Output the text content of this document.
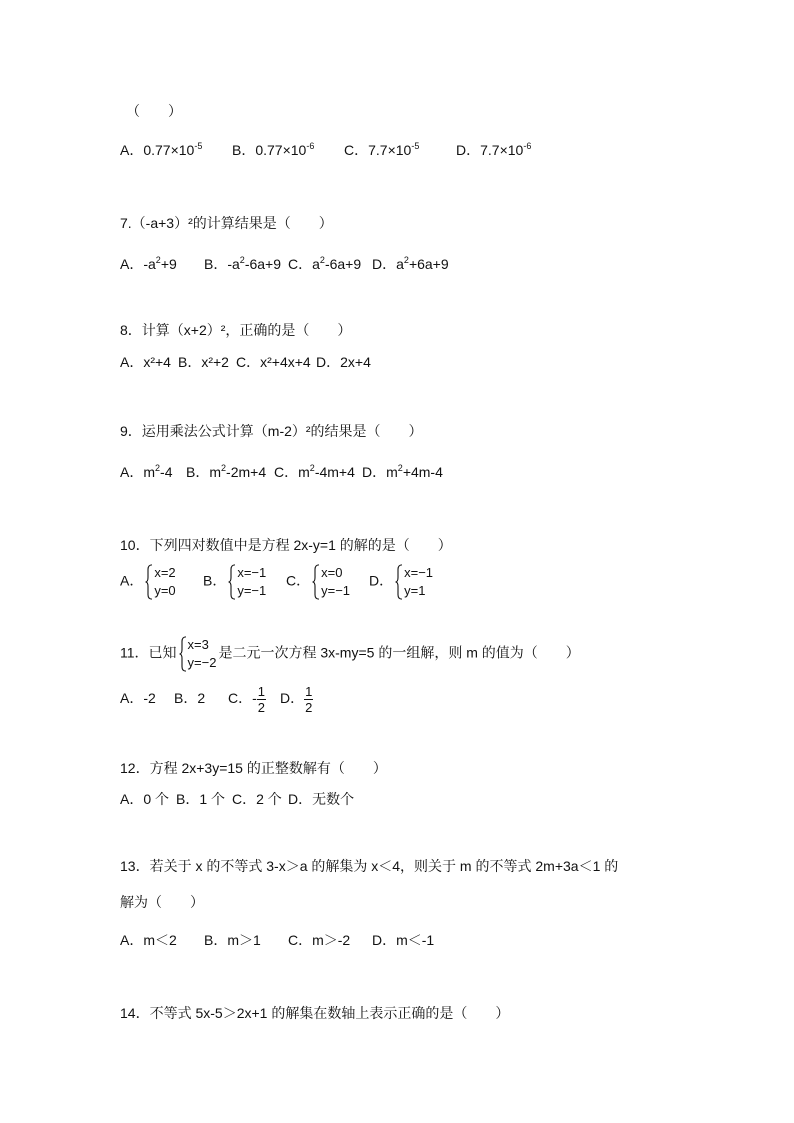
（　　）
A．$0.77\times 10^{-5}$ B．$0.77\times 10^{-6}$ C．$7.7\times 10^{-5}$	D．$7.7\times 10^{-6}$
7.（-a+3）²的计算结果是（　　）
A．$-a^2+9$ B．$-a^2-6a+9$ C．$a^2-6a+9$ D．$a^2+6a+9$
8．计算（x+2）²，正确的是（　　）
A．x²+4 B．x²+2 C．x²+4x+4 D．2x+4
9．运用乘法公式计算（m-2）²的结果是（　　）
A．$m^2-4$ B．$m^2-2m+4$ C．$m^2-4m+4$ D．$m^2+4m-4$
10．下列四对数值中是方程 2x-y=1 的解的是（　　）
A．
x=2
y=0
B．
x=−1
y=−1
C．
x=0
y=−1
D．
x=−1
y=1
11．已知
x=3
y=−2
是二元一次方程 3x-my=5 的一组解，则 m 的值为（　　）
A．-2 B．2 C．- $\frac{1}{2}$ D． $\frac{1}{2}$
12．方程 2x+3y=15 的正整数解有（　　）
A．0 个 B．1 个 C．2 个 D．无数个
13．若关于 x 的不等式 3-x＞a 的解集为 x＜4，则关于 m 的不等式 2m+3a＜1 的
解为（　　）
A．m＜2 B．m＞1 C．m＞-2 D．m＜-1
14．不等式 5x-5＞2x+1 的解集在数轴上表示正确的是（　　）
